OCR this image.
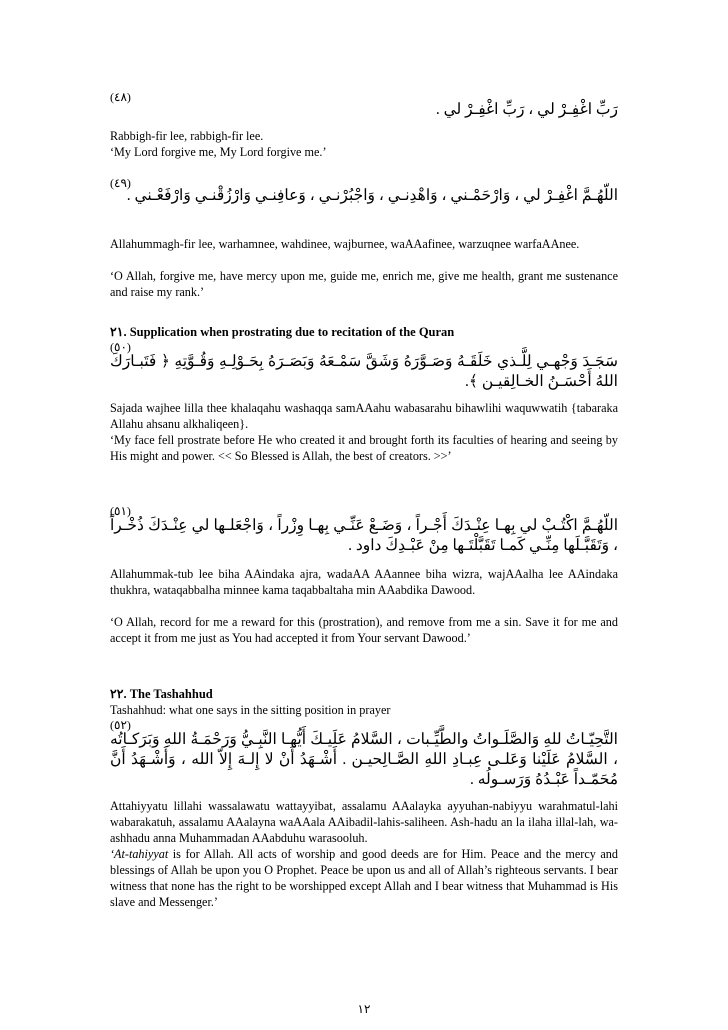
(٤٨)
رَبِّ اغْفِـرْ لي ، رَبِّ اغْفِـرْ لي .
Rabbigh-fir lee, rabbigh-fir lee.
‘My Lord forgive me, My Lord forgive me.’
(٤٩)
اللّهُـمَّ اغْفِـرْ لي ، وَارْحَمْـني ، وَاهْدِنـي ، وَاجْبُرْنـي ، وَعافِنـي وَارْزُقْنـي وَارْفَعْـني .
Allahummagh-fir lee, warhamnee, wahdinee, wajburnee, waAAafinee, warzuqnee warfaAAnee.
‘O Allah, forgive me, have mercy upon me, guide me, enrich me, give me health, grant me sustenance and raise my rank.’
٢١. Supplication when prostrating due to recitation of the Quran
(٥٠)
سَجَـدَ وَجْهـي لِلَّـذي خَلَقَـهُ وَصَـوَّرَهُ وَشَقَّ سَمْـعَهُ وَبَصَـرَهُ بِحَـوْلِـهِ وَقُـوَّتِهِ ﴿ فَتَبـارَكَ اللهُ أَحْسَـنُ الخـالِقيـن ﴾.
Sajada wajhee lilla thee khalaqahu washaqqa samAAahu wabasarahu bihawlihi waquwwatih {tabaraka Allahu ahsanu alkhaliqeen}.
‘My face fell prostrate before He who created it and brought forth its faculties of hearing and seeing by His might and power. << So Blessed is Allah, the best of creators. >>’
(٥١)
اللّهُـمَّ اكْتُـبْ لي بِهـا عِنْـدَكَ أَجْـراً ، وَضَـعْ عَنِّـي بِهـا وِزْراً ، وَاجْعَلـها لي عِنْـدَكَ ذُخْـراً ، وَتَقَبَّـلَها مِنِّـي كَمـا تَقَبَّلْتَـها مِنْ عَبْـدِكَ داود .
Allahummak-tub lee biha AAindaka ajra, wadaAA AAannee biha wizra, wajAAalha lee AAindaka thukhra, wataqabbalha minnee kama taqabbaltaha min AAabdika Dawood.
‘O Allah, record for me a reward for this (prostration), and remove from me a sin. Save it for me and accept it from me just as You had accepted it from Your servant Dawood.’
٢٢. The Tashahhud
Tashahhud: what one says in the sitting position in prayer
(٥٢)
التَّحِيّـاتُ للهِ وَالصَّلَـواتُ والطَّيِّـبات ، السَّلامُ عَلَيـكَ أَيُّهـا النَّبِـيُّ وَرَحْمَـةُ اللهِ وَبَرَكـاتُه ، السَّلامُ عَلَيْنا وَعَلـى عِبـادِ اللهِ الصَّـالِحيـن . أَشْـهَدُ أَنْ لا إِلـهَ إِلاّ الله ، وَأَشْـهَدُ أَنَّ مُحَمّـداً عَبْـدُهُ وَرَسـولُه .
Attahiyyatu lillahi wassalawatu wattayyibat, assalamu AAalayka ayyuhan-nabiyyu warahmatul-lahi wabarakatuh, assalamu AAalayna waAAala AAibadil-lahis-saliheen. Ash-hadu an la ilaha illal-lah, wa-ashhadu anna Muhammadan AAabduhu warasooluh.
‘At-tahiyyat is for Allah. All acts of worship and good deeds are for Him. Peace and the mercy and blessings of Allah be upon you O Prophet. Peace be upon us and all of Allah’s righteous servants. I bear witness that none has the right to be worshipped except Allah and I bear witness that Muhammad is His slave and Messenger.’
١٢
